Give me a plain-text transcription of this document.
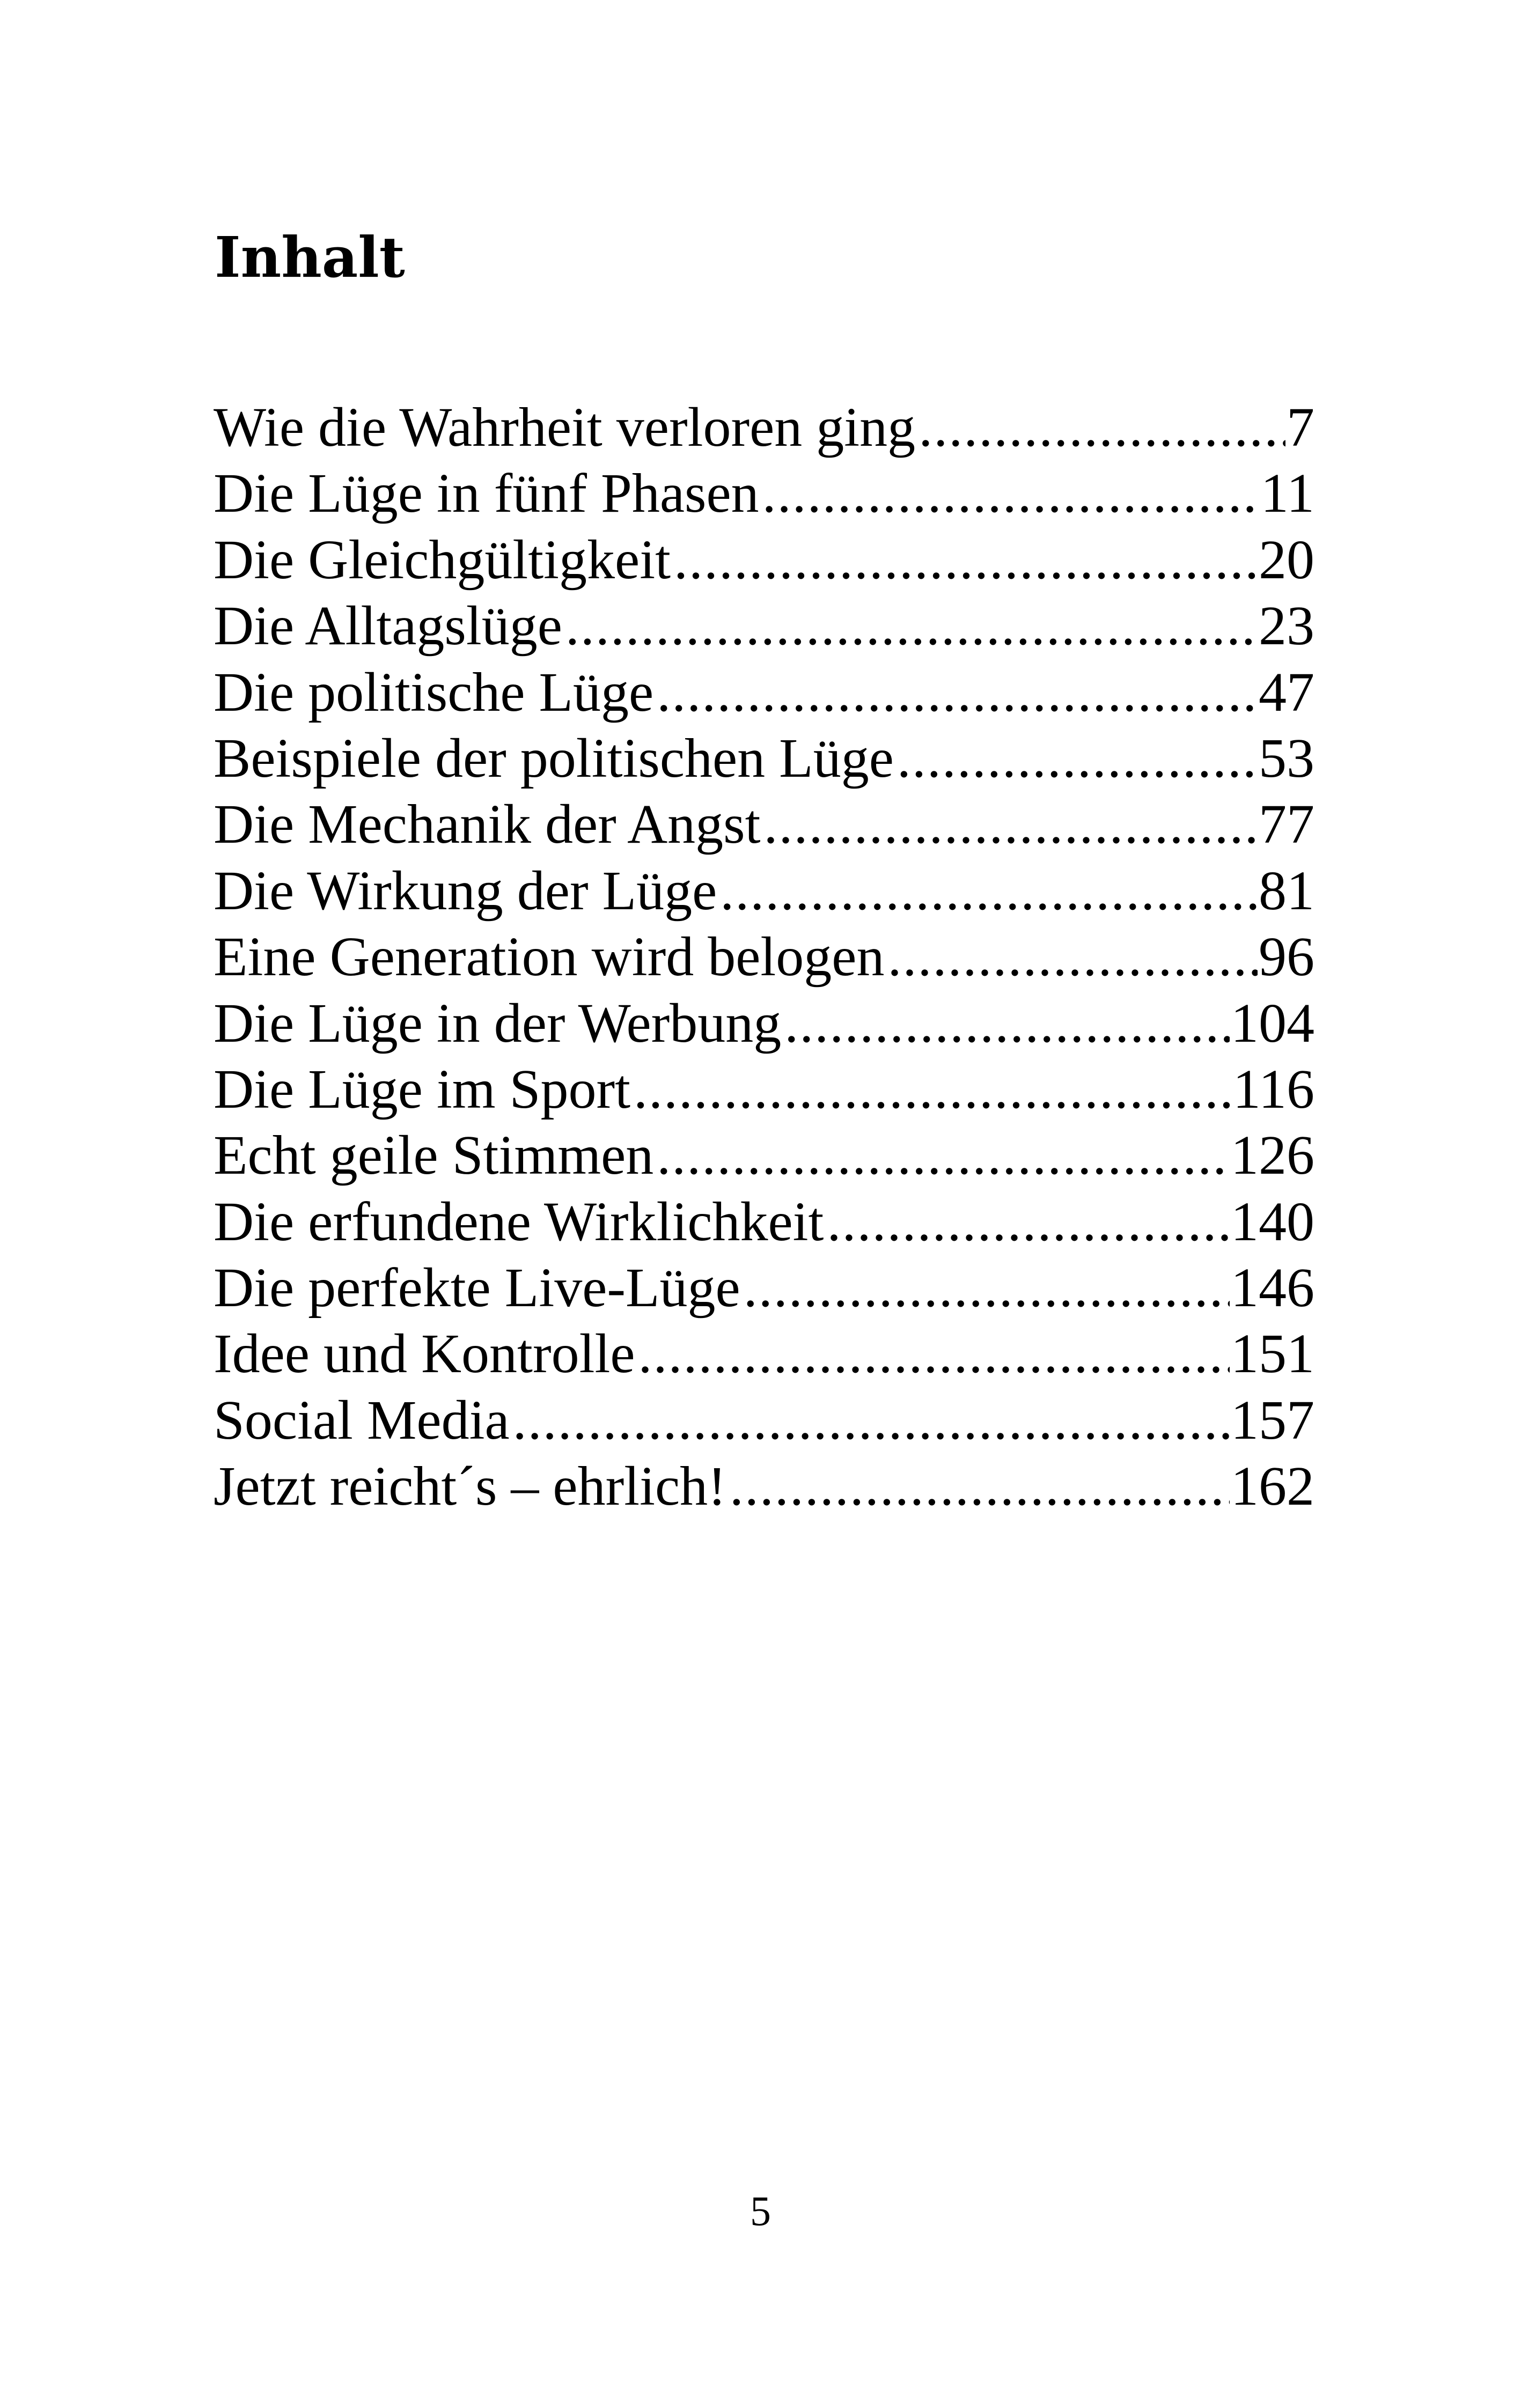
Inhalt
Wie die Wahrheit verloren ging .....	7
Die Lüge in fünf Phasen .....	11
Die Gleichgültigkeit .....	20
Die Alltagslüge .....	23
Die politische Lüge .....	47
Beispiele der politischen Lüge .....	53
Die Mechanik der Angst .....	77
Die Wirkung der Lüge .....	81
Eine Generation wird belogen .....	96
Die Lüge in der Werbung .....	104
Die Lüge im Sport .....	116
Echt geile Stimmen .....	126
Die erfundene Wirklichkeit .....	140
Die perfekte Live-Lüge .....	146
Idee und Kontrolle .....	151
Social Media .....	157
Jetzt reicht´s – ehrlich! .....	162
5
